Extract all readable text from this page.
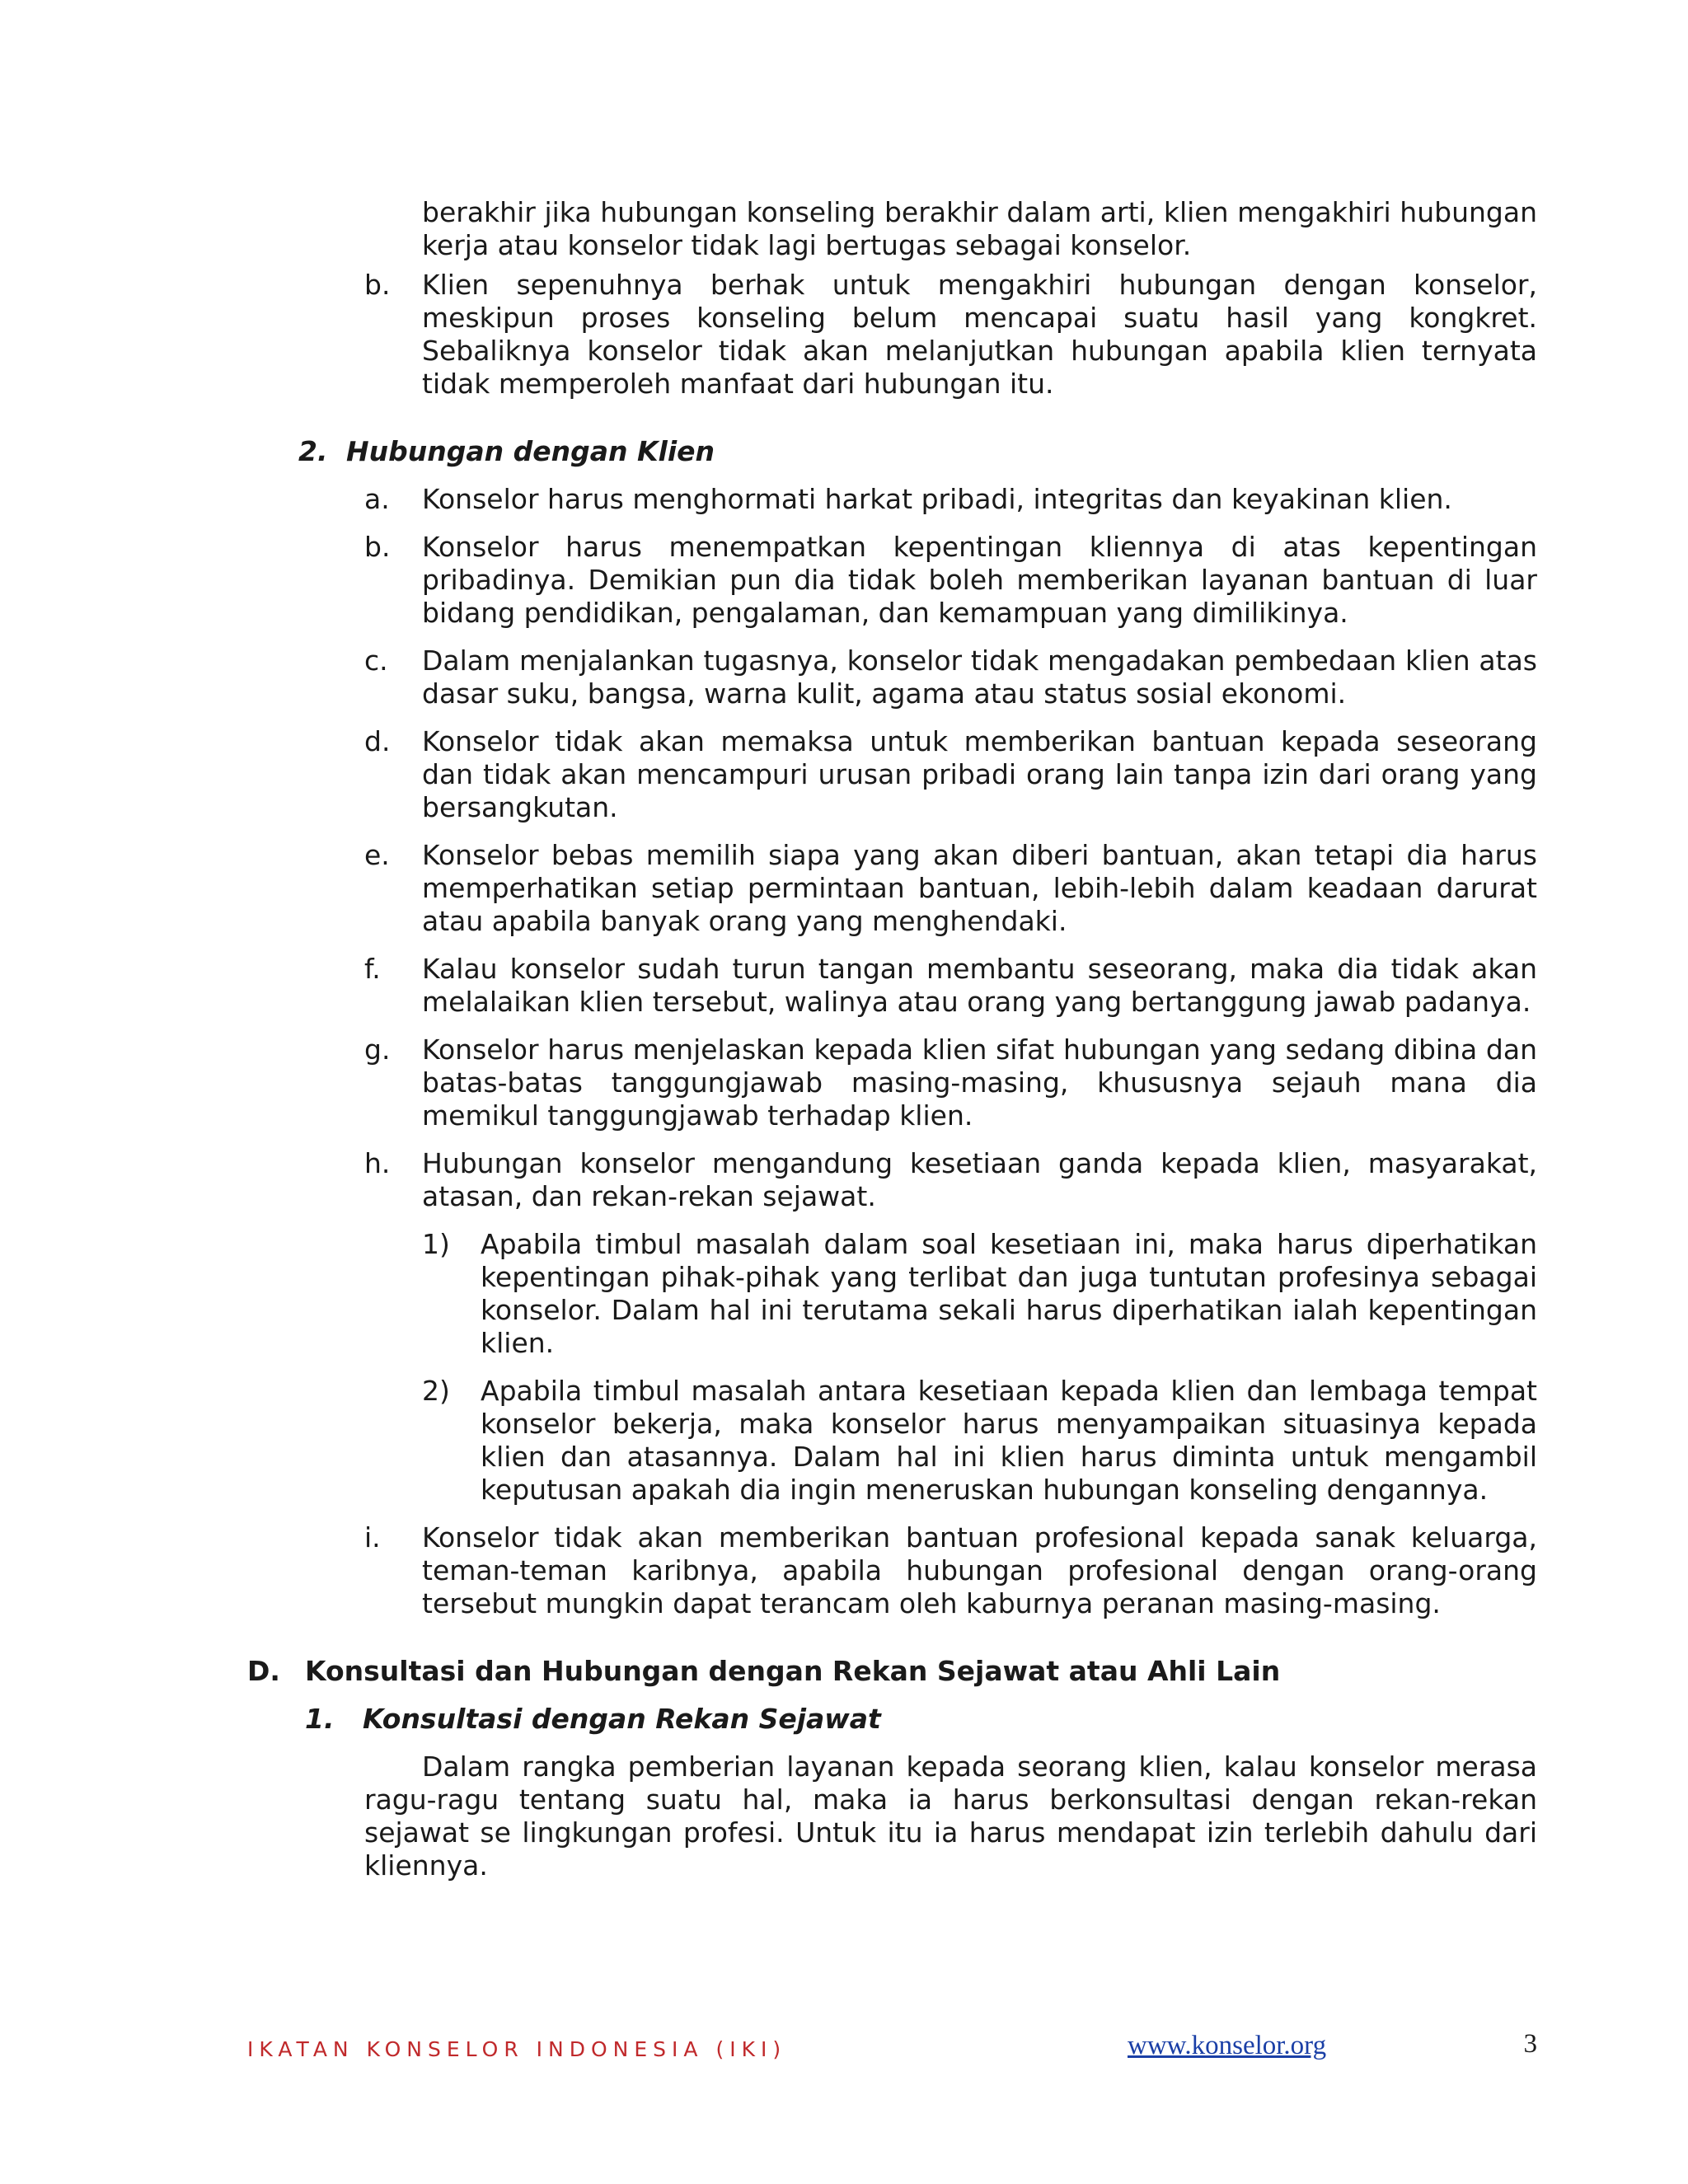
berakhir jika hubungan konseling berakhir dalam arti, klien mengakhiri hubungan kerja atau konselor tidak lagi bertugas sebagai konselor.
b. Klien sepenuhnya berhak untuk mengakhiri hubungan dengan konselor, meskipun proses konseling belum mencapai suatu hasil yang kongkret. Sebaliknya konselor tidak akan melanjutkan hubungan apabila klien ternyata tidak memperoleh manfaat dari hubungan itu.
2. Hubungan dengan Klien
a. Konselor harus menghormati harkat pribadi, integritas dan keyakinan klien.
b. Konselor harus menempatkan kepentingan kliennya di atas kepentingan pribadinya. Demikian pun dia tidak boleh memberikan layanan bantuan di luar bidang pendidikan, pengalaman, dan kemampuan yang dimilikinya.
c. Dalam menjalankan tugasnya, konselor tidak mengadakan pembedaan klien atas dasar suku, bangsa, warna kulit, agama atau status sosial ekonomi.
d. Konselor tidak akan memaksa untuk memberikan bantuan kepada seseorang dan tidak akan mencampuri urusan pribadi orang lain tanpa izin dari orang yang bersangkutan.
e. Konselor bebas memilih siapa yang akan diberi bantuan, akan tetapi dia harus memperhatikan setiap permintaan bantuan, lebih-lebih dalam keadaan darurat atau apabila banyak orang yang menghendaki.
f. Kalau konselor sudah turun tangan membantu seseorang, maka dia tidak akan melalaikan klien tersebut, walinya atau orang yang bertanggung jawab padanya.
g. Konselor harus menjelaskan kepada klien sifat hubungan yang sedang dibina dan batas-batas tanggungjawab masing-masing, khususnya sejauh mana dia memikul tanggungjawab terhadap klien.
h. Hubungan konselor mengandung kesetiaan ganda kepada klien, masyarakat, atasan, dan rekan-rekan sejawat.
1) Apabila timbul masalah dalam soal kesetiaan ini, maka harus diperhatikan kepentingan pihak-pihak yang terlibat dan juga tuntutan profesinya sebagai konselor. Dalam hal ini terutama sekali harus diperhatikan ialah kepentingan klien.
2) Apabila timbul masalah antara kesetiaan kepada klien dan lembaga tempat konselor bekerja, maka konselor harus menyampaikan situasinya kepada klien dan atasannya. Dalam hal ini klien harus diminta untuk mengambil keputusan apakah dia ingin meneruskan hubungan konseling dengannya.
i. Konselor tidak akan memberikan bantuan profesional kepada sanak keluarga, teman-teman karibnya, apabila hubungan profesional dengan orang-orang tersebut mungkin dapat terancam oleh kaburnya peranan masing-masing.
D. Konsultasi dan Hubungan dengan Rekan Sejawat atau Ahli Lain
1. Konsultasi dengan Rekan Sejawat
Dalam rangka pemberian layanan kepada seorang klien, kalau konselor merasa ragu-ragu tentang suatu hal, maka ia harus berkonsultasi dengan rekan-rekan sejawat se lingkungan profesi. Untuk itu ia harus mendapat izin terlebih dahulu dari kliennya.
IKATAN KONSELOR INDONESIA (IKI)	www.konselor.org	3
